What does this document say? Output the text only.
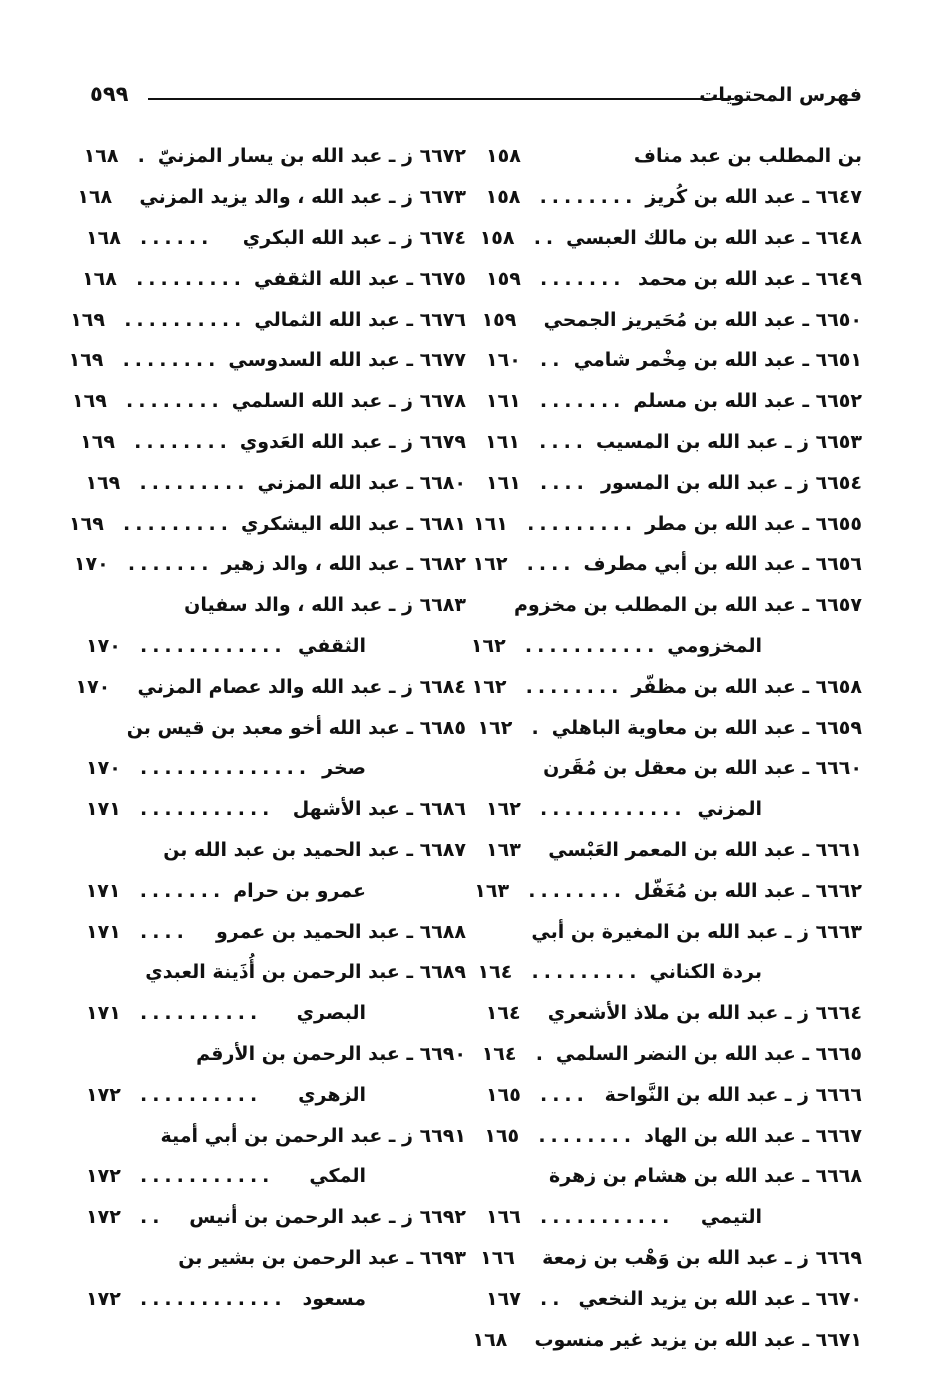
فهرس المحتويات
٥٩٩
بن المطلب بن عبد مناف
١٥٨
٦٦٤٧ ـ عبد الله بن كُريز
........
١٥٨
٦٦٤٨ ـ عبد الله بن مالك العبسي
..
١٥٨
٦٦٤٩ ـ عبد الله بن محمد
.......
١٥٩
٦٦٥٠ ـ عبد الله بن مُحَيريز الجمحي
١٥٩
٦٦٥١ ـ عبد الله بن مِخْمر شامي
..
١٦٠
٦٦٥٢ ـ عبد الله بن مسلم
.......
١٦١
٦٦٥٣ ز ـ عبد الله بن المسيب
....
١٦١
٦٦٥٤ ز ـ عبد الله بن المسور
....
١٦١
٦٦٥٥ ـ عبد الله بن مطر
.........
١٦١
٦٦٥٦ ـ عبد الله بن أبي مطرف
....
١٦٢
٦٦٥٧ ـ عبد الله بن المطلب بن مخزوم
المخزومي
...........
١٦٢
٦٦٥٨ ـ عبد الله بن مظفّر
........
١٦٢
٦٦٥٩ ـ عبد الله بن معاوية الباهلي
.
١٦٢
٦٦٦٠ ـ عبد الله بن معقل بن مُقَرن
المزني
............
١٦٢
٦٦٦١ ـ عبد الله بن المعمر العَبْسي
١٦٣
٦٦٦٢ ـ عبد الله بن مُغَفّل
........
١٦٣
٦٦٦٣ ز ـ عبد الله بن المغيرة بن أبي
بردة الكناني
.........
١٦٤
٦٦٦٤ ز ـ عبد الله بن ملاذ الأشعري
١٦٤
٦٦٦٥ ـ عبد الله بن النضر السلمي
.
١٦٤
٦٦٦٦ ز ـ عبد الله بن النَّواحة
....
١٦٥
٦٦٦٧ ـ عبد الله بن الهاد
........
١٦٥
٦٦٦٨ ـ عبد الله بن هشام بن زهرة
التيمي
...........
١٦٦
٦٦٦٩ ز ـ عبد الله بن وَهْب بن زمعة
١٦٦
٦٦٧٠ ـ عبد الله بن يزيد النخعي
..
١٦٧
٦٦٧١ ـ عبد الله بن يزيد غير منسوب
١٦٨
٦٦٧٢ ز ـ عبد الله بن يسار المزنيّ
.
١٦٨
٦٦٧٣ ز ـ عبد الله ، والد يزيد المزني
١٦٨
٦٦٧٤ ز ـ عبد الله البكري
......
١٦٨
٦٦٧٥ ـ عبد الله الثقفي
.........
١٦٨
٦٦٧٦ ـ عبد الله الثمالي
..........
١٦٩
٦٦٧٧ ـ عبد الله السدوسي
........
١٦٩
٦٦٧٨ ز ـ عبد الله السلمي
........
١٦٩
٦٦٧٩ ز ـ عبد الله العَدوي
........
١٦٩
٦٦٨٠ ـ عبد الله المزني
.........
١٦٩
٦٦٨١ ـ عبد الله اليشكري
.........
١٦٩
٦٦٨٢ ـ عبد الله ، والد زهير
.......
١٧٠
٦٦٨٣ ز ـ عبد الله ، والد سفيان
الثقفي
............
١٧٠
٦٦٨٤ ز ـ عبد الله والد عصام المزني
١٧٠
٦٦٨٥ ـ عبد الله أخو معبد بن قيس بن
صخر
..............
١٧٠
٦٦٨٦ ـ عبد الأشهل
...........
١٧١
٦٦٨٧ ـ عبد الحميد بن عبد الله بن
عمرو بن حرام
.......
١٧١
٦٦٨٨ ـ عبد الحميد بن عمرو
....
١٧١
٦٦٨٩ ـ عبد الرحمن بن أُذَينة العبدي
البصري
..........
١٧١
٦٦٩٠ ـ عبد الرحمن بن الأرقم
الزهري
..........
١٧٢
٦٦٩١ ز ـ عبد الرحمن بن أبي أمية
المكي
...........
١٧٢
٦٦٩٢ ز ـ عبد الرحمن بن أنيس
..
١٧٢
٦٦٩٣ ـ عبد الرحمن بن بشير بن
مسعود
............
١٧٢
